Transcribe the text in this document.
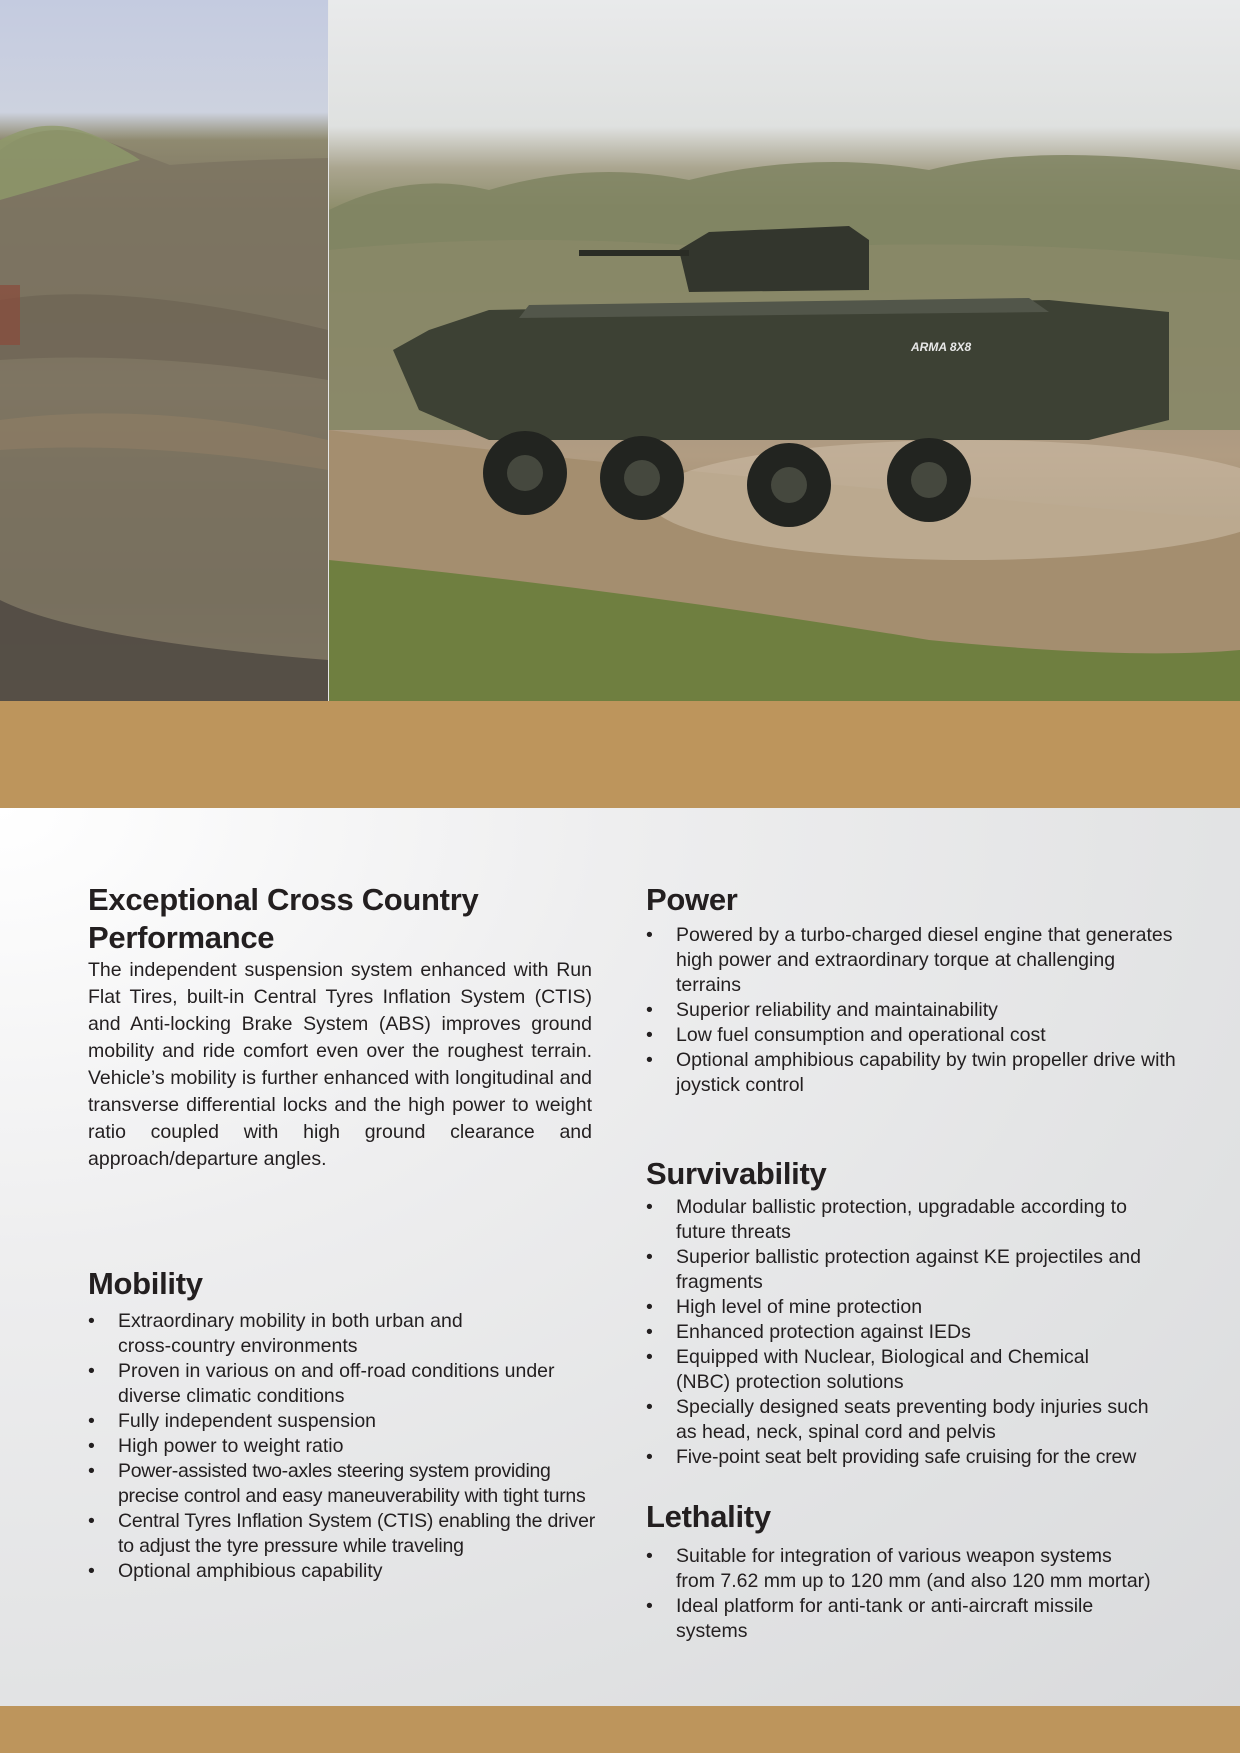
ARMA 8X8
Exceptional Cross Country
Performance

The independent suspension system enhanced with Run Flat Tires, built-in Central Tyres Inflation System (CTIS) and Anti-locking Brake System (ABS) improves ground mobility and ride comfort even over the roughest terrain. Vehicle’s mobility is further enhanced with longitudinal and transverse differential locks and the high power to weight ratio coupled with high ground clearance and approach/departure angles.

Mobility
• Extraordinary mobility in both urban and cross-country environments
• Proven in various on and off-road conditions under diverse climatic conditions
• Fully independent suspension
• High power to weight ratio
• Power-assisted two-axles steering system providing precise control and easy maneuverability with tight turns
• Central Tyres Inflation System (CTIS) enabling the driver to adjust the tyre pressure while traveling
• Optional amphibious capability
Power
• Powered by a turbo-charged diesel engine that generates high power and extraordinary torque at challenging terrains
• Superior reliability and maintainability
• Low fuel consumption and operational cost
• Optional amphibious capability by twin propeller drive with joystick control
Survivability
• Modular ballistic protection, upgradable according to future threats
• Superior ballistic protection against KE projectiles and fragments
• High level of mine protection
• Enhanced protection against IEDs
• Equipped with Nuclear, Biological and Chemical (NBC) protection solutions
• Specially designed seats preventing body injuries such as head, neck, spinal cord and pelvis
• Five-point seat belt providing safe cruising for the crew
Lethality
• Suitable for integration of various weapon systems from 7.62 mm up to 120 mm (and also 120 mm mortar)
• Ideal platform for anti-tank or anti-aircraft missile systems
